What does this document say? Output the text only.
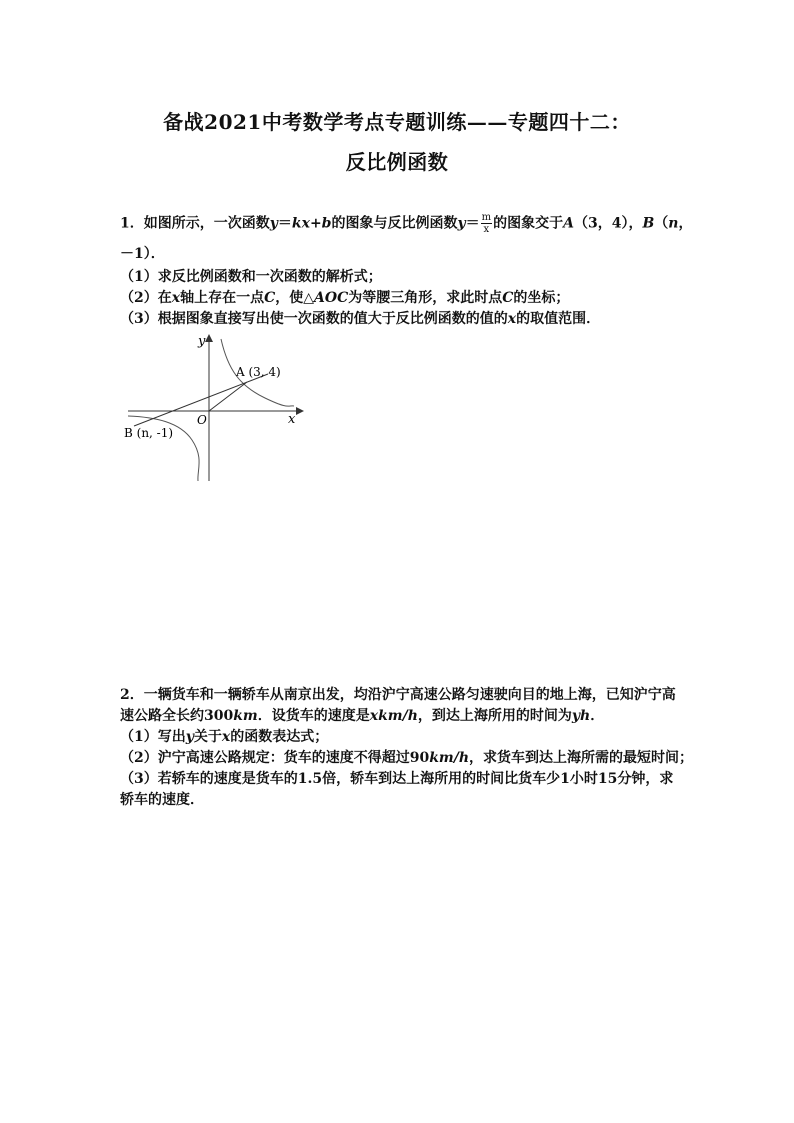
备战2021中考数学考点专题训练——专题四十二：
反比例函数
1．如图所示，一次函数y＝kx+b的图象与反比例函数$y= \frac{m}{x}$ 的图象交于A（3，4），B（n，
－1）．
（1）求反比例函数和一次函数的解析式；
（2）在x轴上存在一点C，使△AOC为等腰三角形，求此时点C的坐标；
（3）根据图象直接写出使一次函数的值大于反比例函数的值的x的取值范围．
y
x
O
A (3, 4)
B (n, -1)
2．一辆货车和一辆轿车从南京出发，均沿沪宁高速公路匀速驶向目的地上海，已知沪宁高
速公路全长约300km．设货车的速度是xkm/h，到达上海所用的时间为yh．
（1）写出y关于x的函数表达式；
（2）沪宁高速公路规定：货车的速度不得超过90km/h，求货车到达上海所需的最短时间；
（3）若轿车的速度是货车的1.5倍，轿车到达上海所用的时间比货车少1小时15分钟，求
轿车的速度．
